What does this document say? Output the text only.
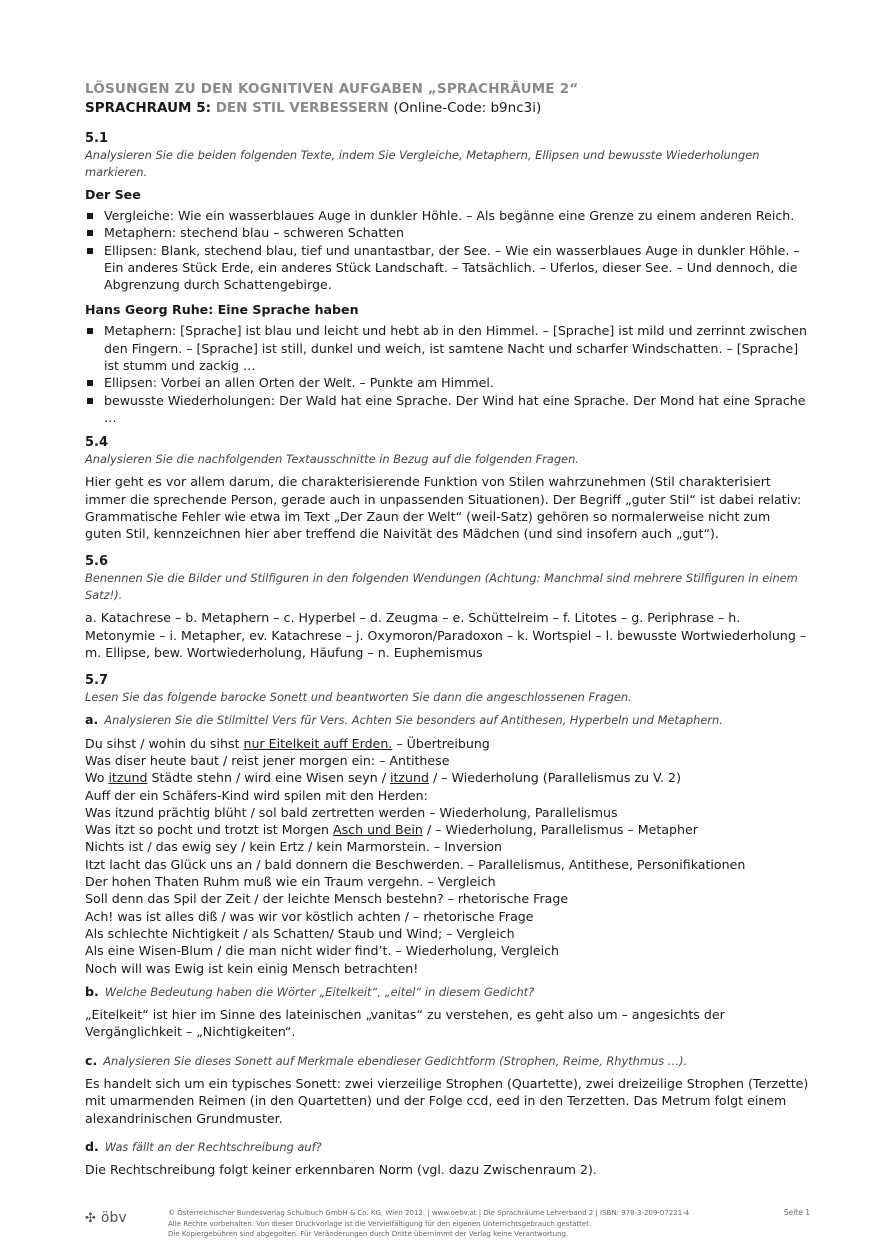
LÖSUNGEN ZU DEN KOGNITIVEN AUFGABEN „SPRACHRÄUME 2“

SPRACHRAUM 5: DEN STIL VERBESSERN (Online-Code: b9nc3i)

5.1

Analysieren Sie die beiden folgenden Texte, indem Sie Vergleiche, Metaphern, Ellipsen und bewusste Wiederholungen markieren.

Der See

Vergleiche: Wie ein wasserblaues Auge in dunkler Höhle. – Als begänne eine Grenze zu einem anderen Reich.
Metaphern: stechend blau – schweren Schatten
Ellipsen: Blank, stechend blau, tief und unantastbar, der See. – Wie ein wasserblaues Auge in dunkler Höhle. – Ein anderes Stück Erde, ein anderes Stück Landschaft. – Tatsächlich. – Uferlos, dieser See. – Und dennoch, die Abgrenzung durch Schattengebirge.

Hans Georg Ruhe: Eine Sprache haben

Metaphern: [Sprache] ist blau und leicht und hebt ab in den Himmel. – [Sprache] ist mild und zerrinnt zwischen den Fingern. – [Sprache] ist still, dunkel und weich, ist samtene Nacht und scharfer Windschatten. – [Sprache] ist stumm und zackig …
Ellipsen: Vorbei an allen Orten der Welt. – Punkte am Himmel.
bewusste Wiederholungen: Der Wald hat eine Sprache. Der Wind hat eine Sprache. Der Mond hat eine Sprache …

5.4

Analysieren Sie die nachfolgenden Textausschnitte in Bezug auf die folgenden Fragen.

Hier geht es vor allem darum, die charakterisierende Funktion von Stilen wahrzunehmen (Stil charakterisiert immer die sprechende Person, gerade auch in unpassenden Situationen). Der Begriff „guter Stil“ ist dabei relativ: Grammatische Fehler wie etwa im Text „Der Zaun der Welt“ (weil-Satz) gehören so normalerweise nicht zum guten Stil, kennzeichnen hier aber treffend die Naivität des Mädchen (und sind insofern auch „gut“).

5.6

Benennen Sie die Bilder und Stilfiguren in den folgenden Wendungen (Achtung: Manchmal sind mehrere Stilfiguren in einem Satz!).

a. Katachrese – b. Metaphern – c. Hyperbel – d. Zeugma – e. Schüttelreim – f. Litotes – g. Periphrase – h. Metonymie – i. Metapher, ev. Katachrese – j. Oxymoron/Paradoxon – k. Wortspiel – l. bewusste Wortwiederholung – m. Ellipse, bew. Wortwiederholung, Häufung – n. Euphemismus

5.7

Lesen Sie das folgende barocke Sonett und beantworten Sie dann die angeschlossenen Fragen.

a. Analysieren Sie die Stilmittel Vers für Vers. Achten Sie besonders auf Antithesen, Hyperbeln und Metaphern.

Du sihst / wohin du sihst nur Eitelkeit auff Erden. – Übertreibung
Was diser heute baut / reist jener morgen ein: – Antithese
Wo itzund Städte stehn / wird eine Wisen seyn / itzund / – Wiederholung (Parallelismus zu V. 2)
Auff der ein Schäfers-Kind wird spilen mit den Herden:
Was itzund prächtig blüht / sol bald zertretten werden – Wiederholung, Parallelismus
Was itzt so pocht und trotzt ist Morgen Asch und Bein / – Wiederholung, Parallelismus – Metapher
Nichts ist / das ewig sey / kein Ertz / kein Marmorstein. – Inversion
Itzt lacht das Glück uns an / bald donnern die Beschwerden. – Parallelismus, Antithese, Personifikationen
Der hohen Thaten Ruhm muß wie ein Traum vergehn. – Vergleich
Soll denn das Spil der Zeit / der leichte Mensch bestehn? – rhetorische Frage
Ach! was ist alles diß / was wir vor köstlich achten / – rhetorische Frage
Als schlechte Nichtigkeit / als Schatten/ Staub und Wind; – Vergleich
Als eine Wisen-Blum / die man nicht wider find’t. – Wiederholung, Vergleich
Noch will was Ewig ist kein einig Mensch betrachten!

b. Welche Bedeutung haben die Wörter „Eitelkeit“, „eitel“ in diesem Gedicht?

„Eitelkeit“ ist hier im Sinne des lateinischen „vanitas“ zu verstehen, es geht also um – angesichts der Vergänglichkeit – „Nichtigkeiten“.

c. Analysieren Sie dieses Sonett auf Merkmale ebendieser Gedichtform (Strophen, Reime, Rhythmus …).

Es handelt sich um ein typisches Sonett: zwei vierzeilige Strophen (Quartette), zwei dreizeilige Strophen (Terzette) mit umarmenden Reimen (in den Quartetten) und der Folge ccd, eed in den Terzetten. Das Metrum folgt einem alexandrinischen Grundmuster.

d. Was fällt an der Rechtschreibung auf?

Die Rechtschreibung folgt keiner erkennbaren Norm (vgl. dazu Zwischenraum 2).

✣ öbv	© Österreichischer Bundesverlag Schulbuch GmbH & Co. KG, Wien 2012. | www.oebv.at | Die Sprachräume Lehrerband 2 | ISBN: 978-3-209-07221-4
Alle Rechte vorbehalten. Von dieser Druckvorlage ist die Vervielfältigung für den eigenen Unterrichtsgebrauch gestattet.
Die Kopiergebühren sind abgegolten. Für Veränderungen durch Dritte übernimmt der Verlag keine Verantwortung.
Seite 1
